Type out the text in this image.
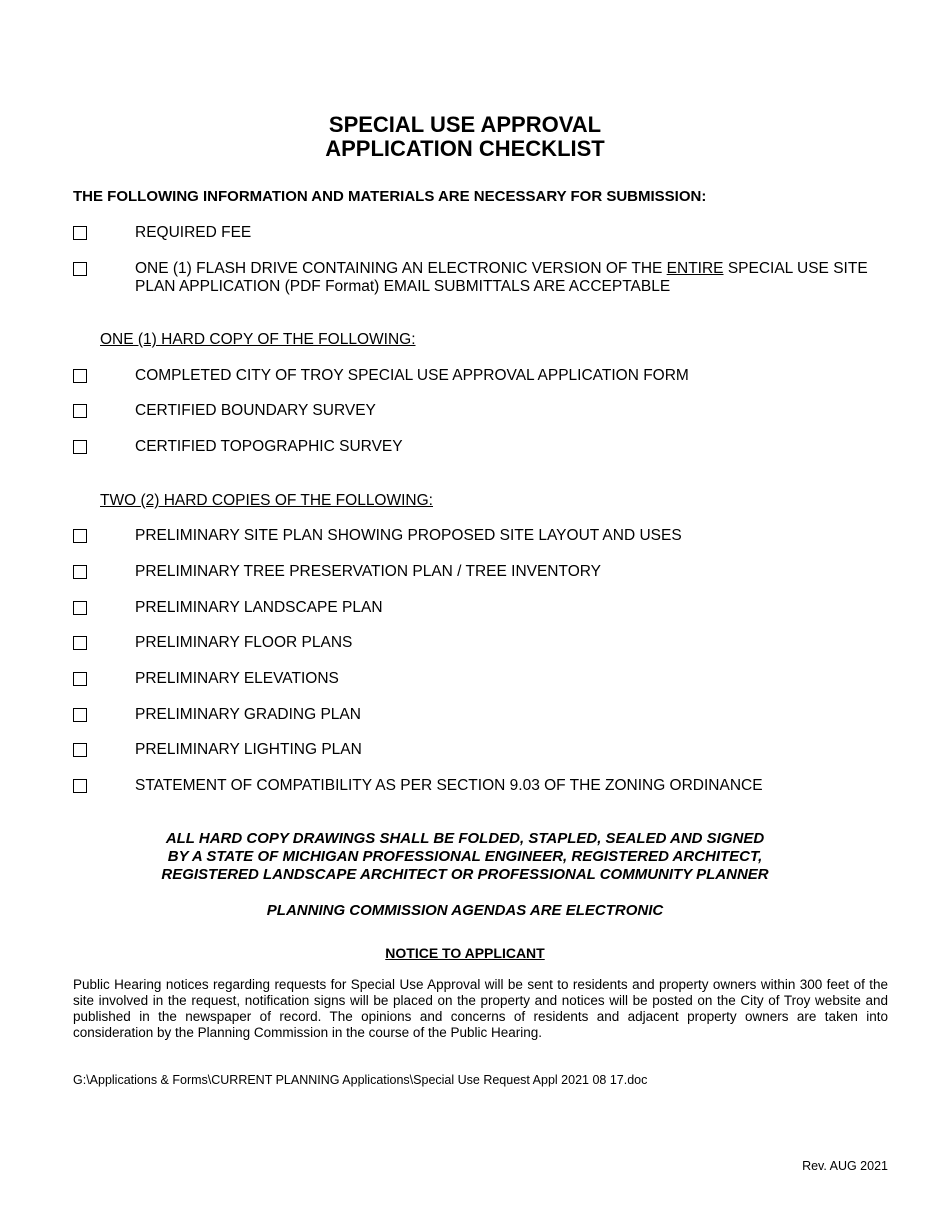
SPECIAL USE APPROVAL
APPLICATION CHECKLIST
THE FOLLOWING INFORMATION AND MATERIALS ARE NECESSARY FOR SUBMISSION:
REQUIRED FEE
ONE (1) FLASH DRIVE CONTAINING AN ELECTRONIC VERSION OF THE ENTIRE SPECIAL USE SITE
PLAN APPLICATION (PDF Format) EMAIL SUBMITTALS ARE ACCEPTABLE
ONE (1) HARD COPY OF THE FOLLOWING:
COMPLETED CITY OF TROY SPECIAL USE APPROVAL APPLICATION FORM
CERTIFIED BOUNDARY SURVEY
CERTIFIED TOPOGRAPHIC SURVEY
TWO (2) HARD COPIES OF THE FOLLOWING:
PRELIMINARY SITE PLAN SHOWING PROPOSED SITE LAYOUT AND USES
PRELIMINARY TREE PRESERVATION PLAN / TREE INVENTORY
PRELIMINARY LANDSCAPE PLAN
PRELIMINARY FLOOR PLANS
PRELIMINARY ELEVATIONS
PRELIMINARY GRADING PLAN
PRELIMINARY LIGHTING PLAN
STATEMENT OF COMPATIBILITY AS PER SECTION 9.03 OF THE ZONING ORDINANCE
ALL HARD COPY DRAWINGS SHALL BE FOLDED, STAPLED, SEALED AND SIGNED
BY A STATE OF MICHIGAN PROFESSIONAL ENGINEER, REGISTERED ARCHITECT,
REGISTERED LANDSCAPE ARCHITECT OR PROFESSIONAL COMMUNITY PLANNER
PLANNING COMMISSION AGENDAS ARE ELECTRONIC
NOTICE TO APPLICANT
Public Hearing notices regarding requests for Special Use Approval will be sent to residents and property owners within 300 feet of the site involved in the request, notification signs will be placed on the property and notices will be posted on the City of Troy website and published in the newspaper of record. The opinions and concerns of residents and adjacent property owners are taken into consideration by the Planning Commission in the course of the Public Hearing.
G:\Applications & Forms\CURRENT PLANNING Applications\Special Use Request Appl 2021 08 17.doc
Rev. AUG 2021
